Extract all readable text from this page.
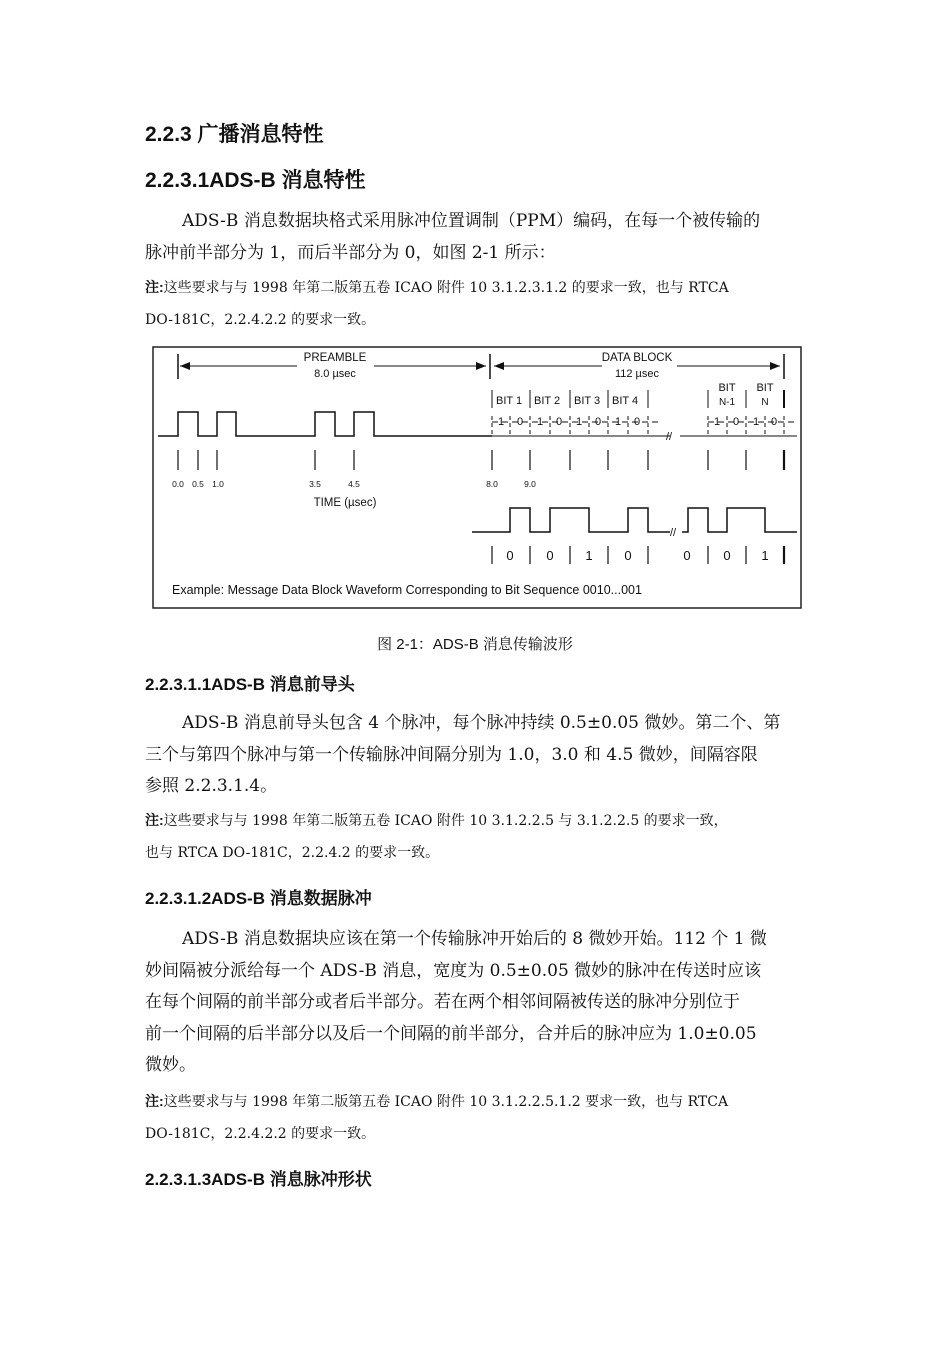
2.2.3 广播消息特性
2.2.3.1ADS-B 消息特性
ADS-B 消息数据块格式采用脉冲位置调制（PPM）编码，在每一个被传输的
脉冲前半部分为 1，而后半部分为 0，如图 2-1 所示：
注:这些要求与与 1998 年第二版第五卷 ICAO 附件 10 3.1.2.3.1.2 的要求一致，也与 RTCA
DO-181C，2.2.4.2.2 的要求一致。
PREAMBLE
8.0 µsec
DATA BLOCK
112 µsec
BIT 1 BIT 2 BIT 3 BIT 4
BIT
N-1
BIT
N
1 0 1 0 1 0 1 0	1 0 1 0
//
0.0 0.5 1.0	3.5	4.5	8.0	9.0
TIME (µsec)
//
0	0 1 0	0	0 1
Example: Message Data Block Waveform Corresponding to Bit Sequence 0010...001

图 2-1：ADS-B 消息传输波形

2.2.3.1.1ADS-B 消息前导头
ADS-B 消息前导头包含 4 个脉冲，每个脉冲持续 0.5±0.05 微妙。第二个、第
三个与第四个脉冲与第一个传输脉冲间隔分别为 1.0，3.0 和 4.5 微妙，间隔容限
参照 2.2.3.1.4。
注:这些要求与与 1998 年第二版第五卷 ICAO 附件 10 3.1.2.2.5 与 3.1.2.2.5 的要求一致，
也与 RTCA DO-181C，2.2.4.2 的要求一致。
2.2.3.1.2ADS-B 消息数据脉冲
ADS-B 消息数据块应该在第一个传输脉冲开始后的 8 微妙开始。112 个 1 微
妙间隔被分派给每一个 ADS-B 消息，宽度为 0.5±0.05 微妙的脉冲在传送时应该
在每个间隔的前半部分或者后半部分。若在两个相邻间隔被传送的脉冲分别位于
前一个间隔的后半部分以及后一个间隔的前半部分，合并后的脉冲应为 1.0±0.05
微妙。
注:这些要求与与 1998 年第二版第五卷 ICAO 附件 10 3.1.2.2.5.1.2 要求一致，也与 RTCA
DO-181C，2.2.4.2.2 的要求一致。
2.2.3.1.3ADS-B 消息脉冲形状
